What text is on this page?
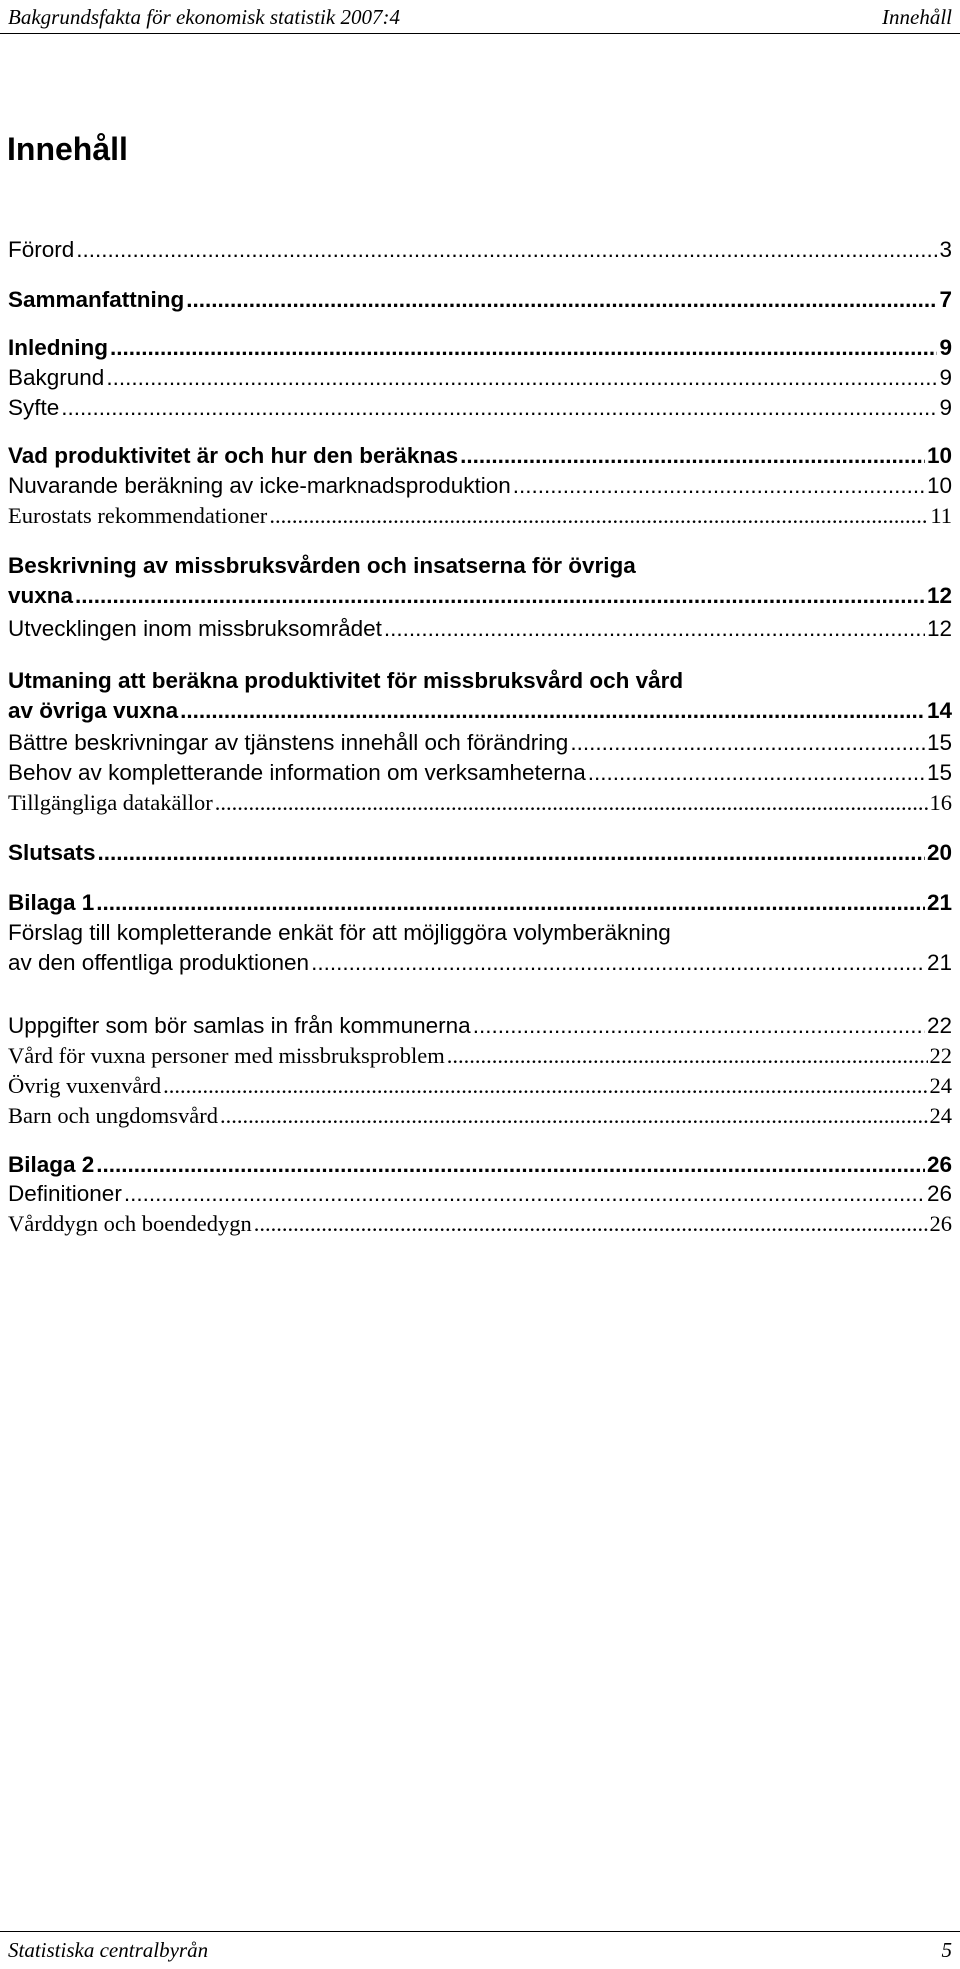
Bakgrundsfakta för ekonomisk statistik 2007:4	Innehåll
Innehåll
Förord .....	3
Sammanfattning .....	7
Inledning .....	9
Bakgrund .....	9
Syfte .....	9
Vad produktivitet är och hur den beräknas .....	10
Nuvarande beräkning av icke-marknadsproduktion .....	10
Eurostats rekommendationer .....	11
Beskrivning av missbruksvården och insatserna för övriga
vuxna .....	12
Utvecklingen inom missbruksområdet .....	12
Utmaning att beräkna produktivitet för missbruksvård och vård
av övriga vuxna .....	14
Bättre beskrivningar av tjänstens innehåll och förändring .....	15
Behov av kompletterande information om verksamheterna .....	15
Tillgängliga datakällor .....	16
Slutsats .....	20
Bilaga 1 .....	21
Förslag till kompletterande enkät för att möjliggöra volymberäkning
av den offentliga produktionen .....	21
Uppgifter som bör samlas in från kommunerna .....	22
Vård för vuxna personer med missbruksproblem .....	22
Övrig vuxenvård .....	24
Barn och ungdomsvård .....	24
Bilaga 2 .....	26
Definitioner .....	26
Vårddygn och boendedygn .....	26
Statistiska centralbyrån	5
